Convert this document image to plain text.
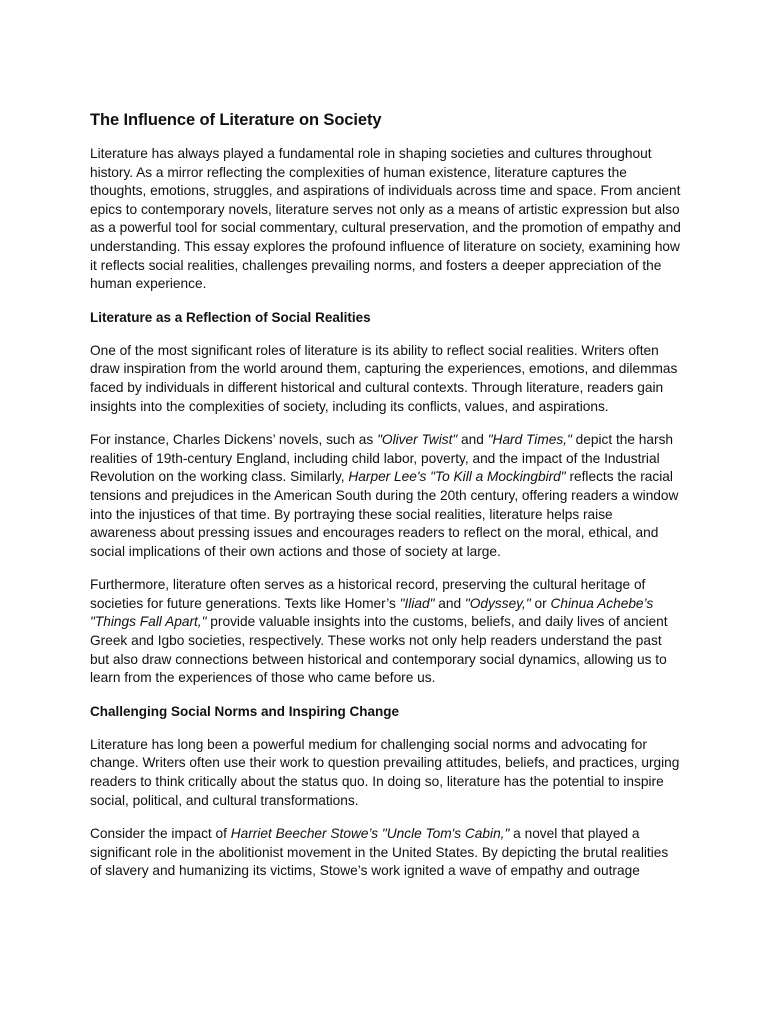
The Influence of Literature on Society

Literature has always played a fundamental role in shaping societies and cultures throughout history. As a mirror reflecting the complexities of human existence, literature captures the thoughts, emotions, struggles, and aspirations of individuals across time and space. From ancient epics to contemporary novels, literature serves not only as a means of artistic expression but also as a powerful tool for social commentary, cultural preservation, and the promotion of empathy and understanding. This essay explores the profound influence of literature on society, examining how it reflects social realities, challenges prevailing norms, and fosters a deeper appreciation of the human experience.

Literature as a Reflection of Social Realities

One of the most significant roles of literature is its ability to reflect social realities. Writers often draw inspiration from the world around them, capturing the experiences, emotions, and dilemmas faced by individuals in different historical and cultural contexts. Through literature, readers gain insights into the complexities of society, including its conflicts, values, and aspirations.

For instance, Charles Dickens’ novels, such as "Oliver Twist" and "Hard Times," depict the harsh realities of 19th-century England, including child labor, poverty, and the impact of the Industrial Revolution on the working class. Similarly, Harper Lee's "To Kill a Mockingbird" reflects the racial tensions and prejudices in the American South during the 20th century, offering readers a window into the injustices of that time. By portraying these social realities, literature helps raise awareness about pressing issues and encourages readers to reflect on the moral, ethical, and social implications of their own actions and those of society at large.

Furthermore, literature often serves as a historical record, preserving the cultural heritage of societies for future generations. Texts like Homer’s "Iliad" and "Odyssey," or Chinua Achebe’s "Things Fall Apart," provide valuable insights into the customs, beliefs, and daily lives of ancient Greek and Igbo societies, respectively. These works not only help readers understand the past but also draw connections between historical and contemporary social dynamics, allowing us to learn from the experiences of those who came before us.

Challenging Social Norms and Inspiring Change

Literature has long been a powerful medium for challenging social norms and advocating for change. Writers often use their work to question prevailing attitudes, beliefs, and practices, urging readers to think critically about the status quo. In doing so, literature has the potential to inspire social, political, and cultural transformations.

Consider the impact of Harriet Beecher Stowe’s "Uncle Tom's Cabin," a novel that played a significant role in the abolitionist movement in the United States. By depicting the brutal realities of slavery and humanizing its victims, Stowe’s work ignited a wave of empathy and outrage
